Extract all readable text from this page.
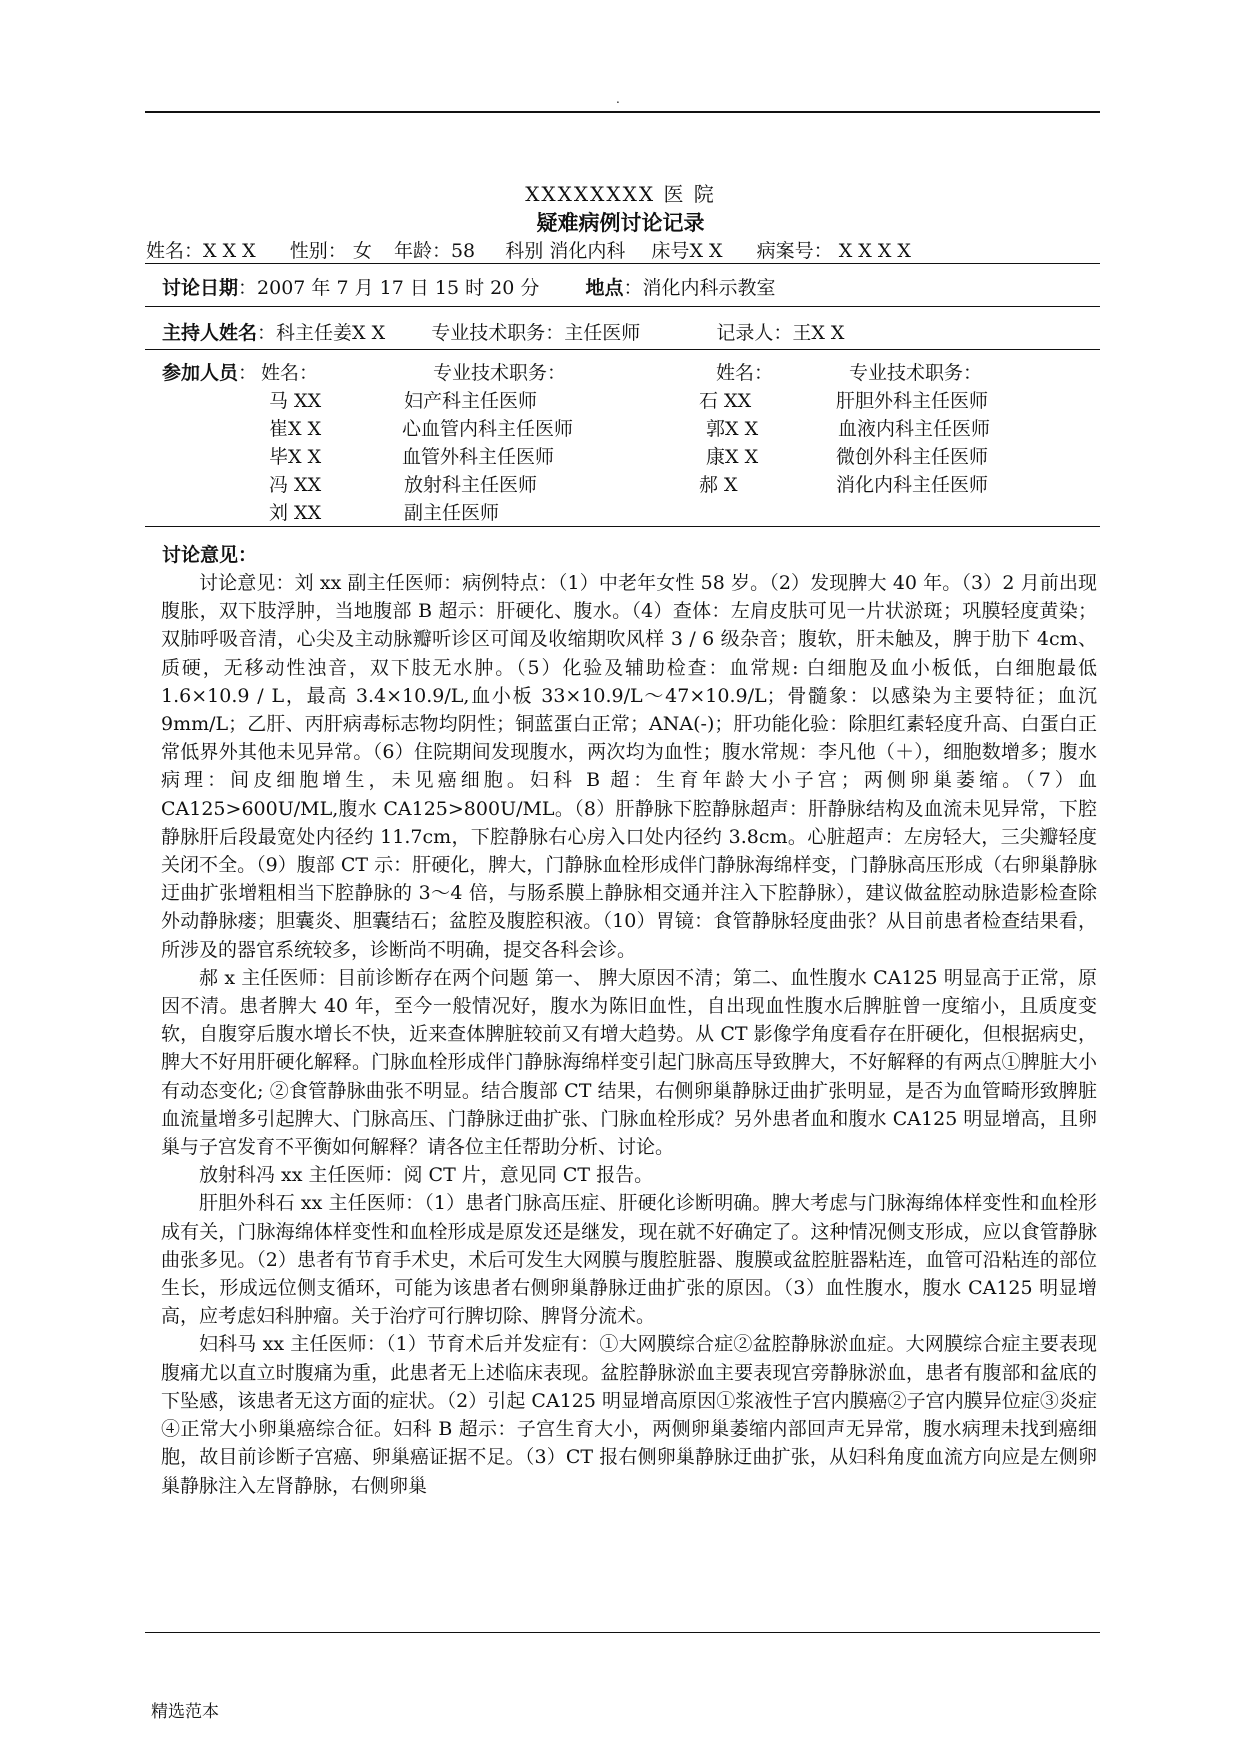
.
XXXXXXXX 医 院
疑难病例讨论记录
姓名：X X X 性别： 女 年龄：58 科别 消化内科 床号X X 病案号： X X X X
讨论日期：2007 年 7 月 17 日 15 时 20 分 地点：消化内科示教室
主持人姓名：科主任姜X X 专业技术职务：主任医师	记录人：王X X
参加人员： 姓名：	专业技术职务：	姓名：	专业技术职务：
马 XX	妇产科主任医师	石 XX	肝胆外科主任医师
崔X X	心血管内科主任医师	郭X X	血液内科主任医师
毕X X	血管外科主任医师	康X X	微创外科主任医师
冯 XX	放射科主任医师	郝 X	消化内科主任医师
刘 XX	副主任医师
讨论意见：

讨论意见：刘 xx 副主任医师：病例特点：（1）中老年女性 58 岁。（2）发现脾大 40 年。（3）2 月前出现腹胀，双下肢浮肿，当地腹部 B 超示：肝硬化、腹水。（4）查体：左肩皮肤可见一片状淤斑；巩膜轻度黄染；双肺呼吸音清，心尖及主动脉瓣听诊区可闻及收缩期吹风样 3 / 6 级杂音；腹软，肝未触及，脾于肋下 4cm、质硬，无移动性浊音，双下肢无水肿。（5）化验及辅助检查：血常规: 白细胞及血小板低，白细胞最低 1.6×10.9 / L，最高 3.4×10.9/L,血小板 33×10.9/L～47×10.9/L；骨髓象：以感染为主要特征；血沉 9mm/L；乙肝、丙肝病毒标志物均阴性；铜蓝蛋白正常；ANA(-)；肝功能化验：除胆红素轻度升高、白蛋白正常低界外其他未见异常。（6）住院期间发现腹水，两次均为血性；腹水常规：李凡他（＋），细胞数增多；腹水病理：间皮细胞增生，未见癌细胞。妇科 B 超：生育年龄大小子宫；两侧卵巢萎缩。（7）血 CA125>600U/ML,腹水 CA125>800U/ML。（8）肝静脉下腔静脉超声：肝静脉结构及血流未见异常，下腔静脉肝后段最宽处内径约 11.7cm，下腔静脉右心房入口处内径约 3.8cm。心脏超声：左房轻大，三尖瓣轻度关闭不全。（9）腹部 CT 示：肝硬化，脾大，门静脉血栓形成伴门静脉海绵样变，门静脉高压形成（右卵巢静脉迂曲扩张增粗相当下腔静脉的 3～4 倍，与肠系膜上静脉相交通并注入下腔静脉），建议做盆腔动脉造影检查除外动静脉瘘；胆囊炎、胆囊结石；盆腔及腹腔积液。（10）胃镜：食管静脉轻度曲张？从目前患者检查结果看，所涉及的器官系统较多，诊断尚不明确，提交各科会诊。

郝 x 主任医师：目前诊断存在两个问题 第一、 脾大原因不清；第二、血性腹水 CA125 明显高于正常，原因不清。患者脾大 40 年，至今一般情况好，腹水为陈旧血性，自出现血性腹水后脾脏曾一度缩小，且质度变软，自腹穿后腹水增长不快，近来查体脾脏较前又有增大趋势。从 CT 影像学角度看存在肝硬化，但根据病史，脾大不好用肝硬化解释。门脉血栓形成伴门静脉海绵样变引起门脉高压导致脾大，不好解释的有两点①脾脏大小有动态变化; ②食管静脉曲张不明显。结合腹部 CT 结果，右侧卵巢静脉迂曲扩张明显，是否为血管畸形致脾脏血流量增多引起脾大、门脉高压、门静脉迂曲扩张、门脉血栓形成？另外患者血和腹水 CA125 明显增高，且卵巢与子宫发育不平衡如何解释？请各位主任帮助分析、讨论。

放射科冯 xx 主任医师：阅 CT 片，意见同 CT 报告。

肝胆外科石 xx 主任医师：（1）患者门脉高压症、肝硬化诊断明确。脾大考虑与门脉海绵体样变性和血栓形成有关，门脉海绵体样变性和血栓形成是原发还是继发，现在就不好确定了。这种情况侧支形成，应以食管静脉曲张多见。（2）患者有节育手术史，术后可发生大网膜与腹腔脏器、腹膜或盆腔脏器粘连，血管可沿粘连的部位生长，形成远位侧支循环，可能为该患者右侧卵巢静脉迂曲扩张的原因。（3）血性腹水，腹水 CA125 明显增高，应考虑妇科肿瘤。关于治疗可行脾切除、脾肾分流术。

妇科马 xx 主任医师：（1）节育术后并发症有：①大网膜综合症②盆腔静脉淤血症。大网膜综合症主要表现腹痛尤以直立时腹痛为重，此患者无上述临床表现。盆腔静脉淤血主要表现宫旁静脉淤血，患者有腹部和盆底的下坠感，该患者无这方面的症状。（2）引起 CA125 明显增高原因①浆液性子宫内膜癌②子宫内膜异位症③炎症④正常大小卵巢癌综合征。妇科 B 超示：子宫生育大小，两侧卵巢萎缩内部回声无异常，腹水病理未找到癌细胞，故目前诊断子宫癌、卵巢癌证据不足。（3）CT 报右侧卵巢静脉迂曲扩张，从妇科角度血流方向应是左侧卵巢静脉注入左肾静脉，右侧卵巢

精选范本
